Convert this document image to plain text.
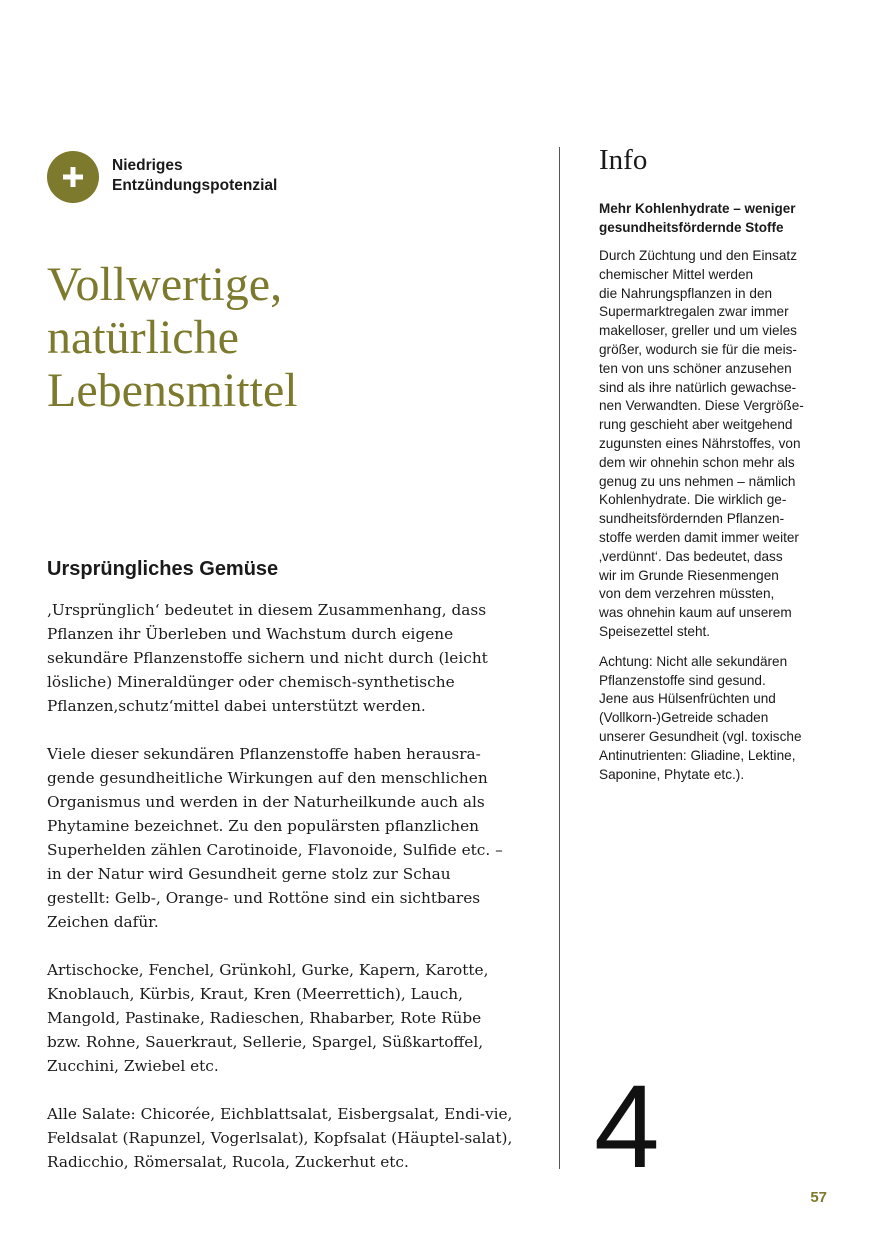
Niedriges
Entzündungspotenzial
Vollwertige,
natürliche
Lebensmittel
Ursprüngliches Gemüse

‚Ursprünglich‘ bedeutet in diesem Zusammenhang, dass Pflanzen ihr Überleben und Wachstum durch eigene sekundäre Pflanzenstoffe sichern und nicht durch (leicht lösliche) Mineraldünger oder chemisch-synthetische Pflanzen‚schutz‘mittel dabei unterstützt werden.

Viele dieser sekundären Pflanzenstoffe haben herausra-gende gesundheitliche Wirkungen auf den menschlichen Organismus und werden in der Naturheilkunde auch als Phytamine bezeichnet. Zu den populärsten pflanzlichen Superhelden zählen Carotinoide, Flavonoide, Sulfide etc. – in der Natur wird Gesundheit gerne stolz zur Schau gestellt: Gelb-, Orange- und Rottöne sind ein sichtbares Zeichen dafür.

Artischocke, Fenchel, Grünkohl, Gurke, Kapern, Karotte, Knoblauch, Kürbis, Kraut, Kren (Meerrettich), Lauch, Mangold, Pastinake, Radieschen, Rhabarber, Rote Rübe bzw. Rohne, Sauerkraut, Sellerie, Spargel, Süßkartoffel, Zucchini, Zwiebel etc.

Alle Salate: Chicorée, Eichblattsalat, Eisbergsalat, Endi-vie, Feldsalat (Rapunzel, Vogerlsalat), Kopfsalat (Häuptel-salat), Radicchio, Römersalat, Rucola, Zuckerhut etc.

Info
Mehr Kohlenhydrate – weniger
gesundheitsfördernde Stoffe
Durch Züchtung und den Einsatz
chemischer Mittel werden
die Nahrungspflanzen in den
Supermarktregalen zwar immer
makelloser, greller und um vieles
größer, wodurch sie für die meis-
ten von uns schöner anzusehen
sind als ihre natürlich gewachse-
nen Verwandten. Diese Vergröße-
rung geschieht aber weitgehend
zugunsten eines Nährstoffes, von
dem wir ohnehin schon mehr als
genug zu uns nehmen – nämlich
Kohlenhydrate. Die wirklich ge-
sundheitsfördernden Pflanzen-
stoffe werden damit immer weiter
‚verdünnt‘. Das bedeutet, dass
wir im Grunde Riesenmengen
von dem verzehren müssten,
was ohnehin kaum auf unserem
Speisezettel steht.
Achtung: Nicht alle sekundären
Pflanzenstoffe sind gesund.
Jene aus Hülsenfrüchten und
(Vollkorn-)Getreide schaden
unserer Gesundheit (vgl. toxische
Antinutrienten: Gliadine, Lektine,
Saponine, Phytate etc.).
4
57
